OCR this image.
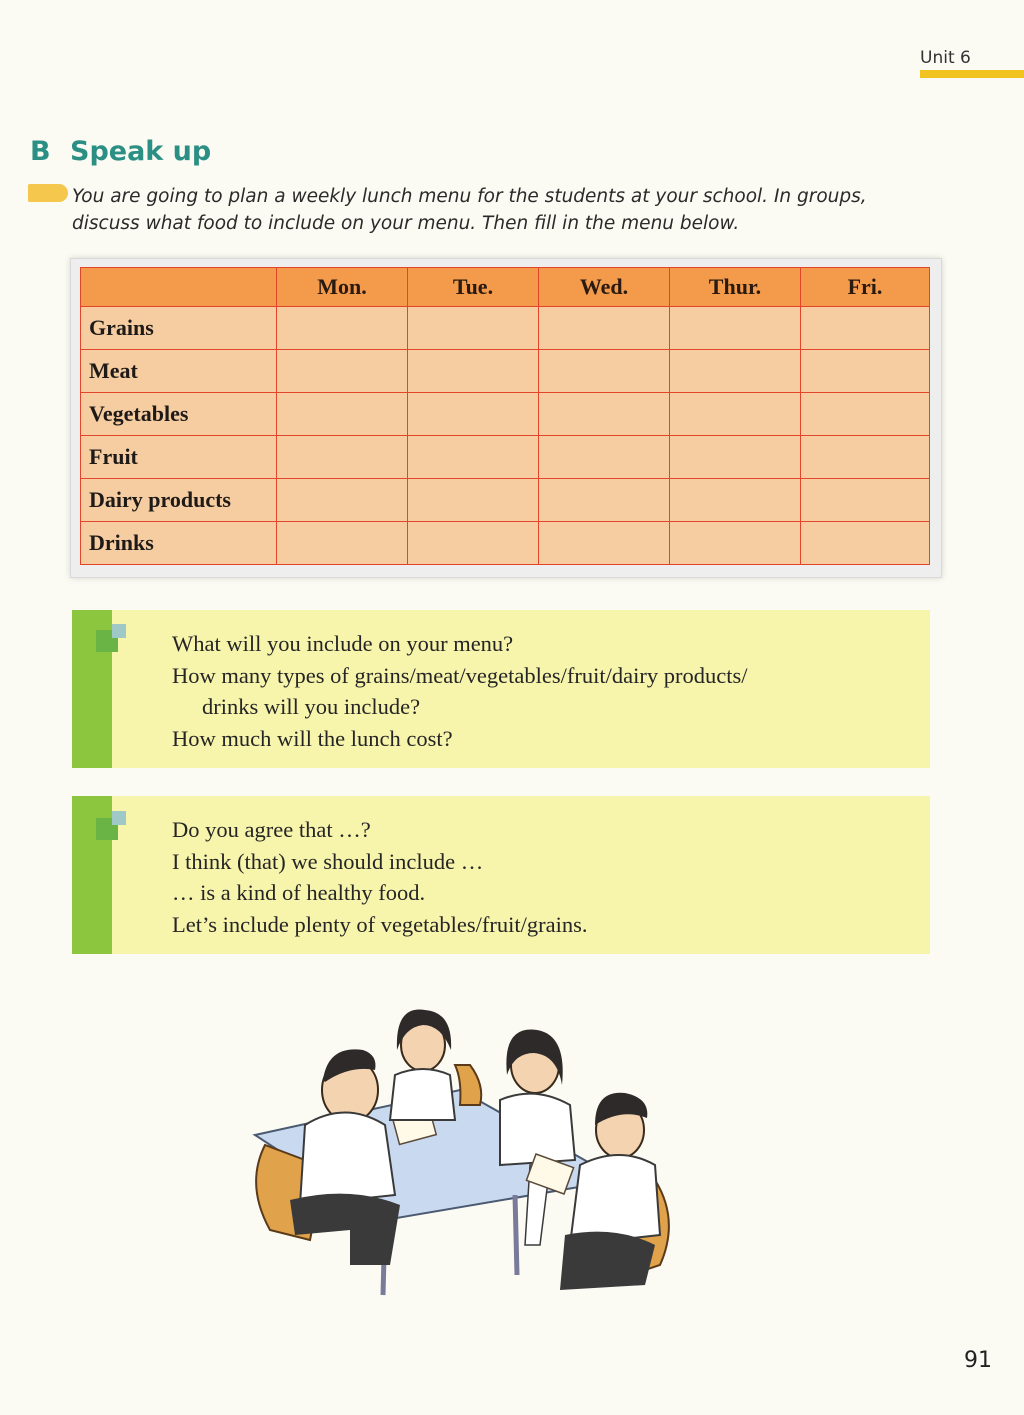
Unit 6
B Speak up

You are going to plan a weekly lunch menu for the students at your school. In groups, discuss what food to include on your menu. Then fill in the menu below.

	Mon.	Tue.	Wed.	Thur.	Fri.
Grains					
Meat					
Vegetables					
Fruit					
Dairy products					
Drinks					
What will you include on your menu?
How many types of grains/meat/vegetables/fruit/dairy products/
drinks will you include?
How much will the lunch cost?
Do you agree that …?
I think (that) we should include …
… is a kind of healthy food.
Let’s include plenty of vegetables/fruit/grains.
91
